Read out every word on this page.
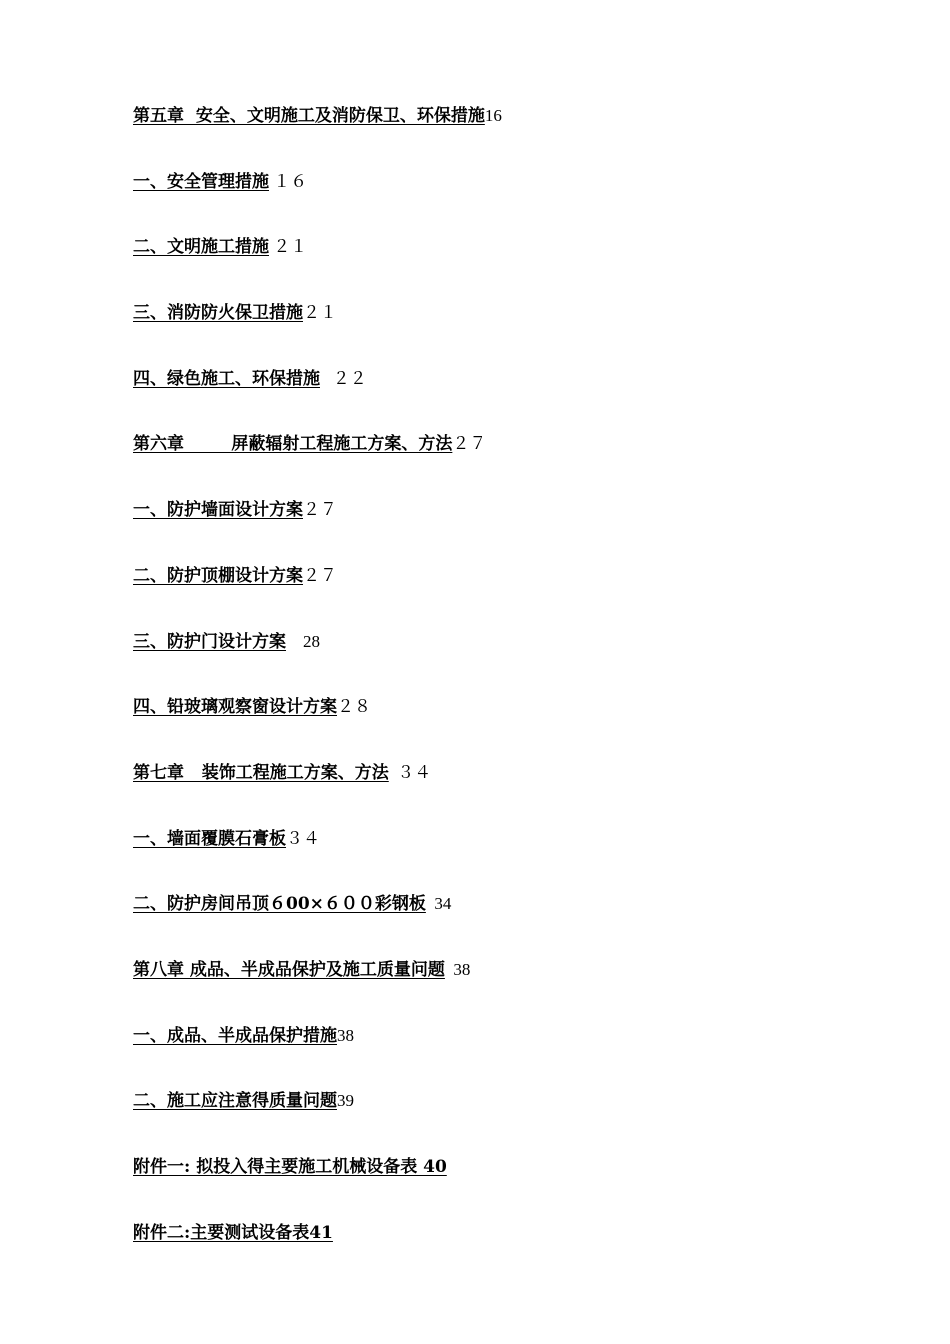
第五章  安全、文明施工及消防保卫、环保措施16
一、安全管理措施 １６
二、文明施工措施 ２１
三、消防防火保卫措施２１
四、绿色施工、环保措施   ２２
第六章        屏蔽辐射工程施工方案、方法２７
一、防护墙面设计方案２７
二、防护顶棚设计方案２７
三、防护门设计方案    28
四、铅玻璃观察窗设计方案２８
第七章   装饰工程施工方案、方法  ３４
一、墙面覆膜石膏板３４
二、防护房间吊顶６00×６００彩钢板  34
第八章 成品、半成品保护及施工质量问题  38
一、成品、半成品保护措施38
二、施工应注意得质量问题39
附件一: 拟投入得主要施工机械设备表 40
附件二:主要测试设备表41
